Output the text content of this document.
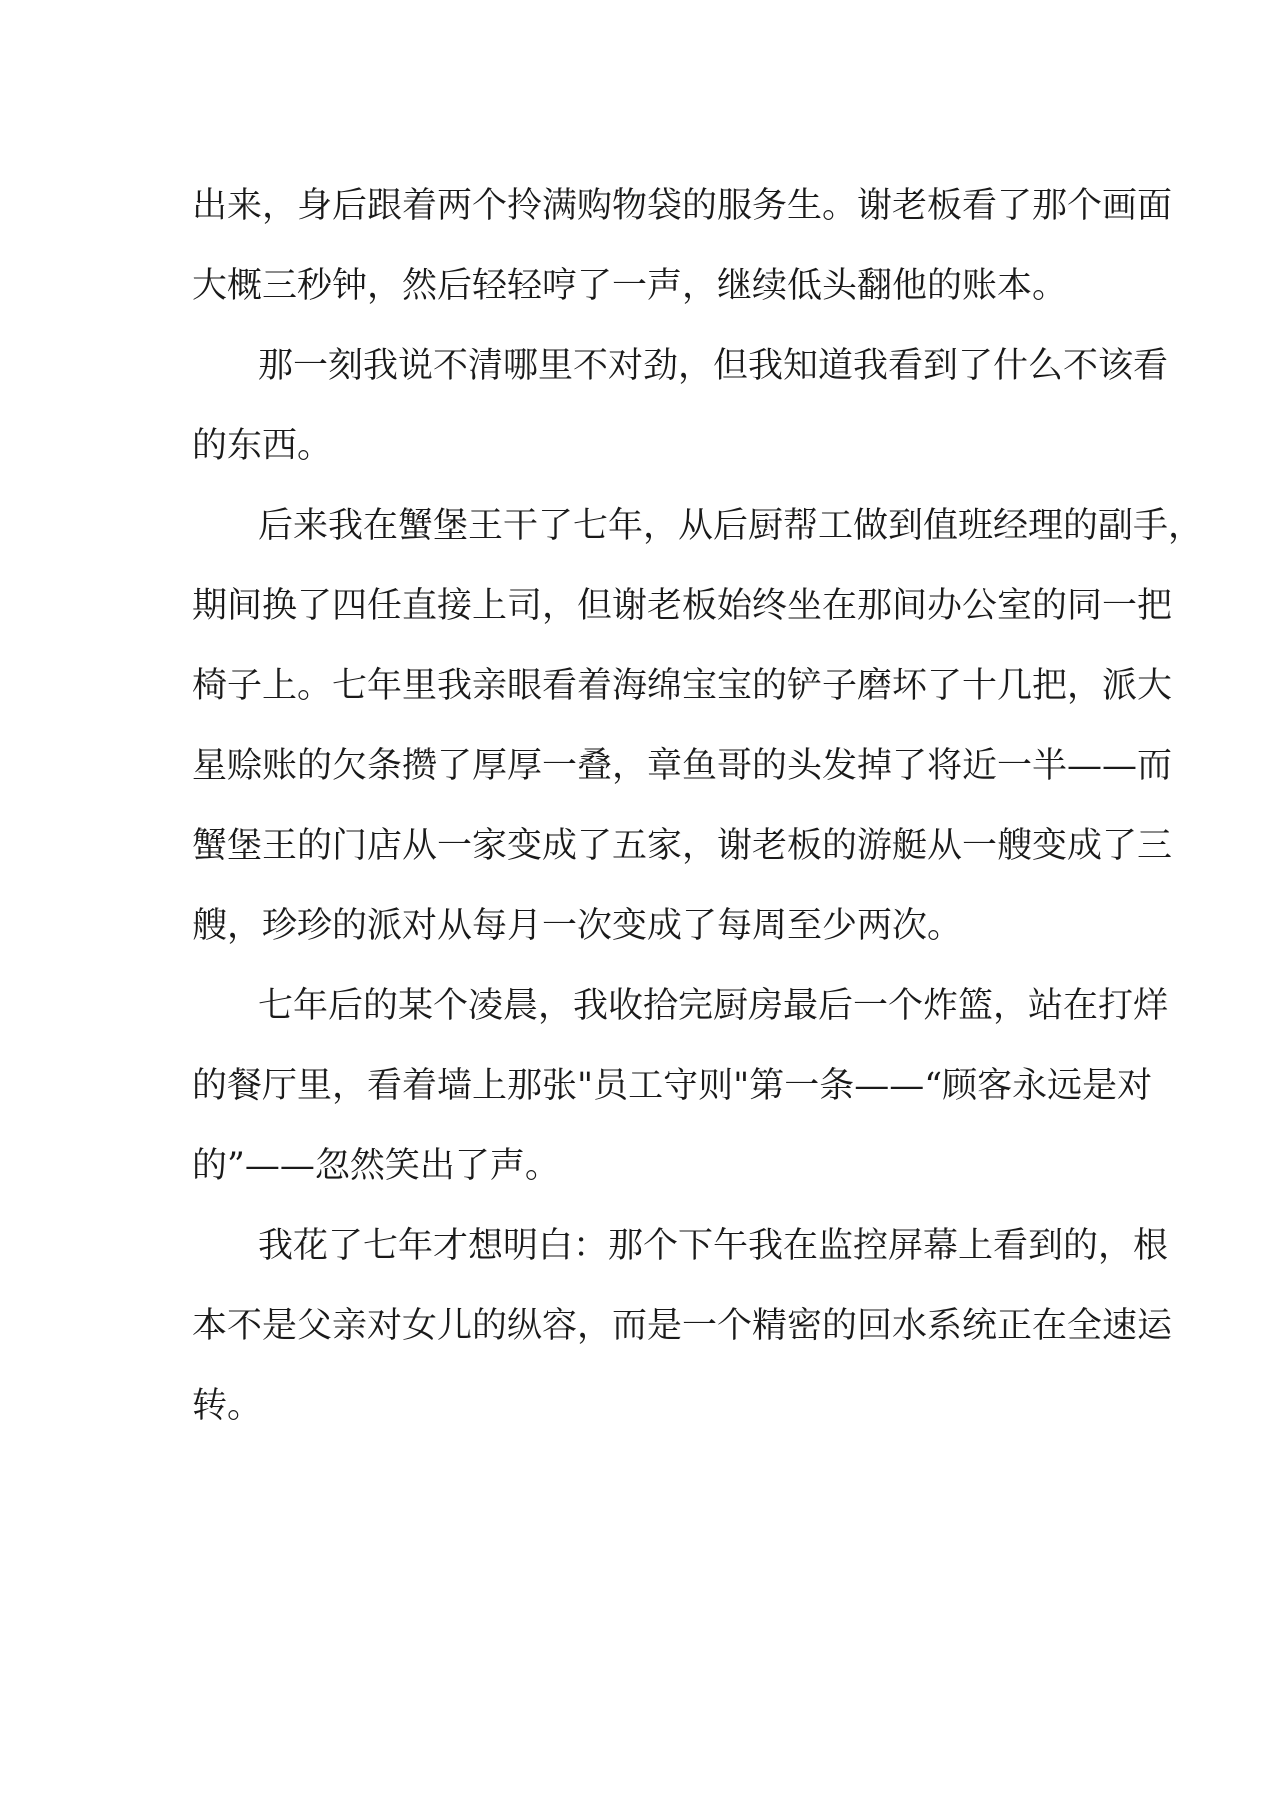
出来，身后跟着两个拎满购物袋的服务生。谢老板看了那个画面
大概三秒钟，然后轻轻哼了一声，继续低头翻他的账本。

那一刻我说不清哪里不对劲，但我知道我看到了什么不该看
的东西。

后来我在蟹堡王干了七年，从后厨帮工做到值班经理的副手，
期间换了四任直接上司，但谢老板始终坐在那间办公室的同一把
椅子上。七年里我亲眼看着海绵宝宝的铲子磨坏了十几把，派大
星赊账的欠条攒了厚厚一叠，章鱼哥的头发掉了将近一半——而
蟹堡王的门店从一家变成了五家，谢老板的游艇从一艘变成了三
艘，珍珍的派对从每月一次变成了每周至少两次。

七年后的某个凌晨，我收拾完厨房最后一个炸篮，站在打烊
的餐厅里，看着墙上那张"员工守则"第一条——“顾客永远是对
的”——忽然笑出了声。

我花了七年才想明白：那个下午我在监控屏幕上看到的，根
本不是父亲对女儿的纵容，而是一个精密的回水系统正在全速运
转。
